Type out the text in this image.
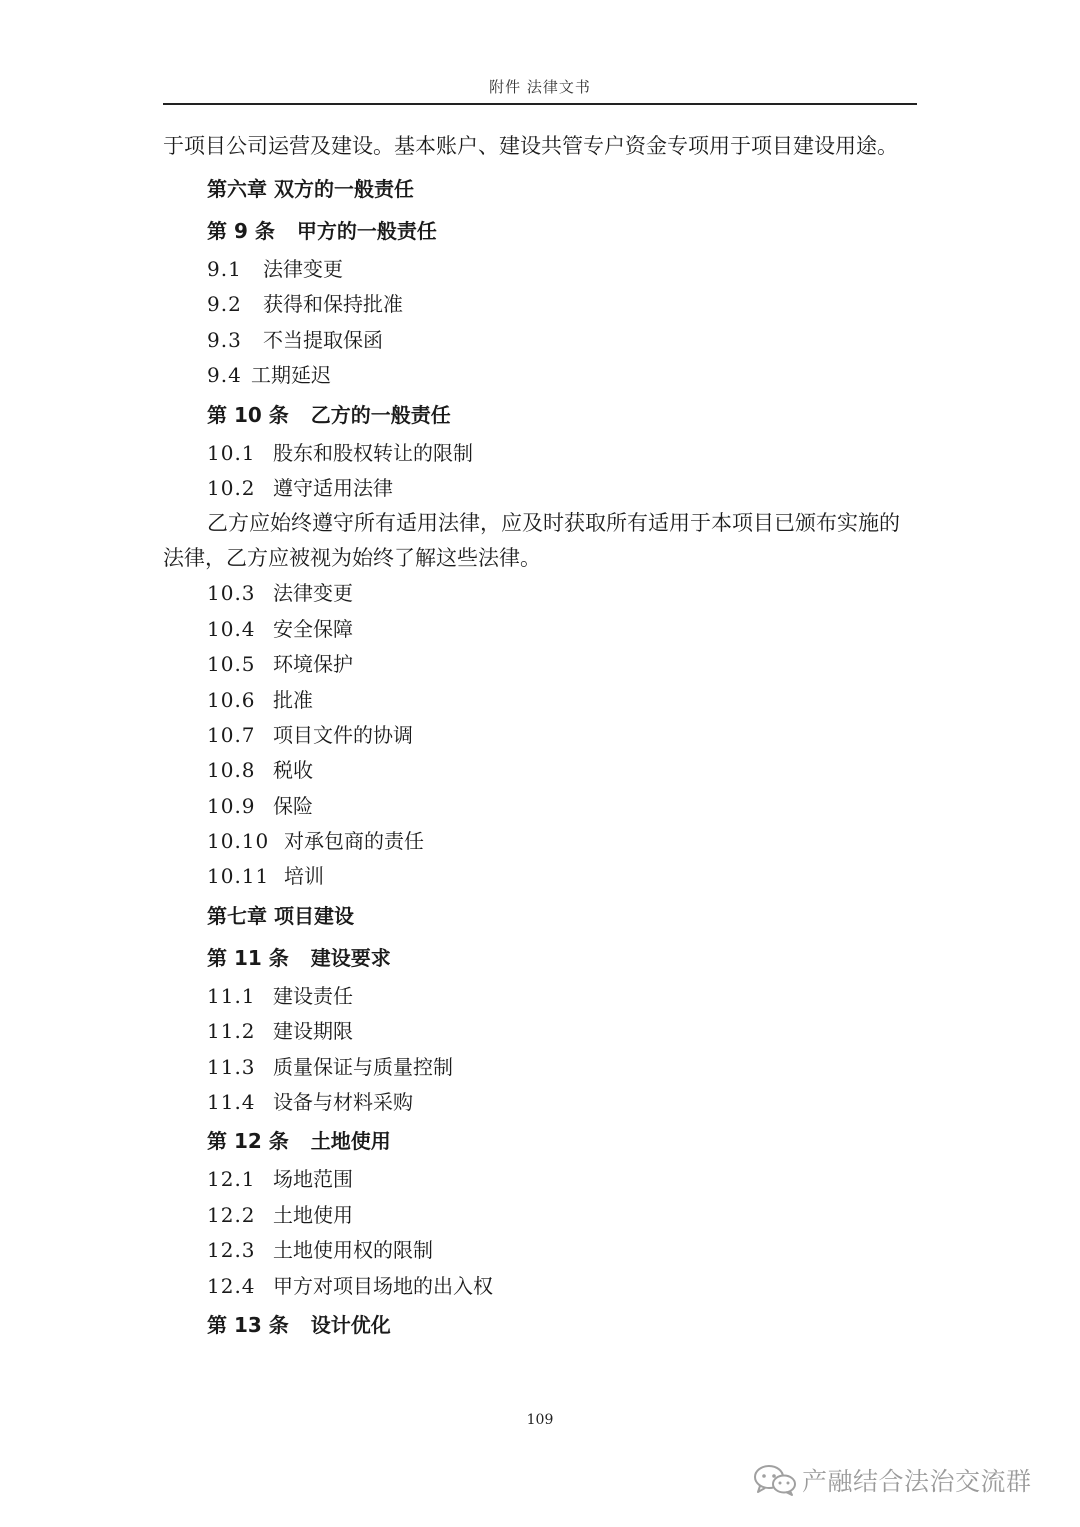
附件 法律文书

于项目公司运营及建设。基本账户、建设共管专户资金专项用于项目建设用途。

第六章 双方的一般责任
第 9 条 甲方的一般责任
9.1 法律变更
9.2 获得和保持批准
9.3 不当提取保函
9.4 工期延迟
第 10 条 乙方的一般责任
10.1 股东和股权转让的限制
10.2 遵守适用法律

乙方应始终遵守所有适用法律，应及时获取所有适用于本项目已颁布实施的

法律，乙方应被视为始终了解这些法律。

10.3 法律变更
10.4 安全保障
10.5 环境保护
10.6 批准
10.7 项目文件的协调
10.8 税收
10.9 保险
10.10 对承包商的责任
10.11 培训
第七章 项目建设
第 11 条 建设要求
11.1 建设责任
11.2 建设期限
11.3 质量保证与质量控制
11.4 设备与材料采购
第 12 条 土地使用
12.1 场地范围
12.2 土地使用
12.3 土地使用权的限制
12.4 甲方对项目场地的出入权
第 13 条 设计优化
109
产融结合法治交流群
